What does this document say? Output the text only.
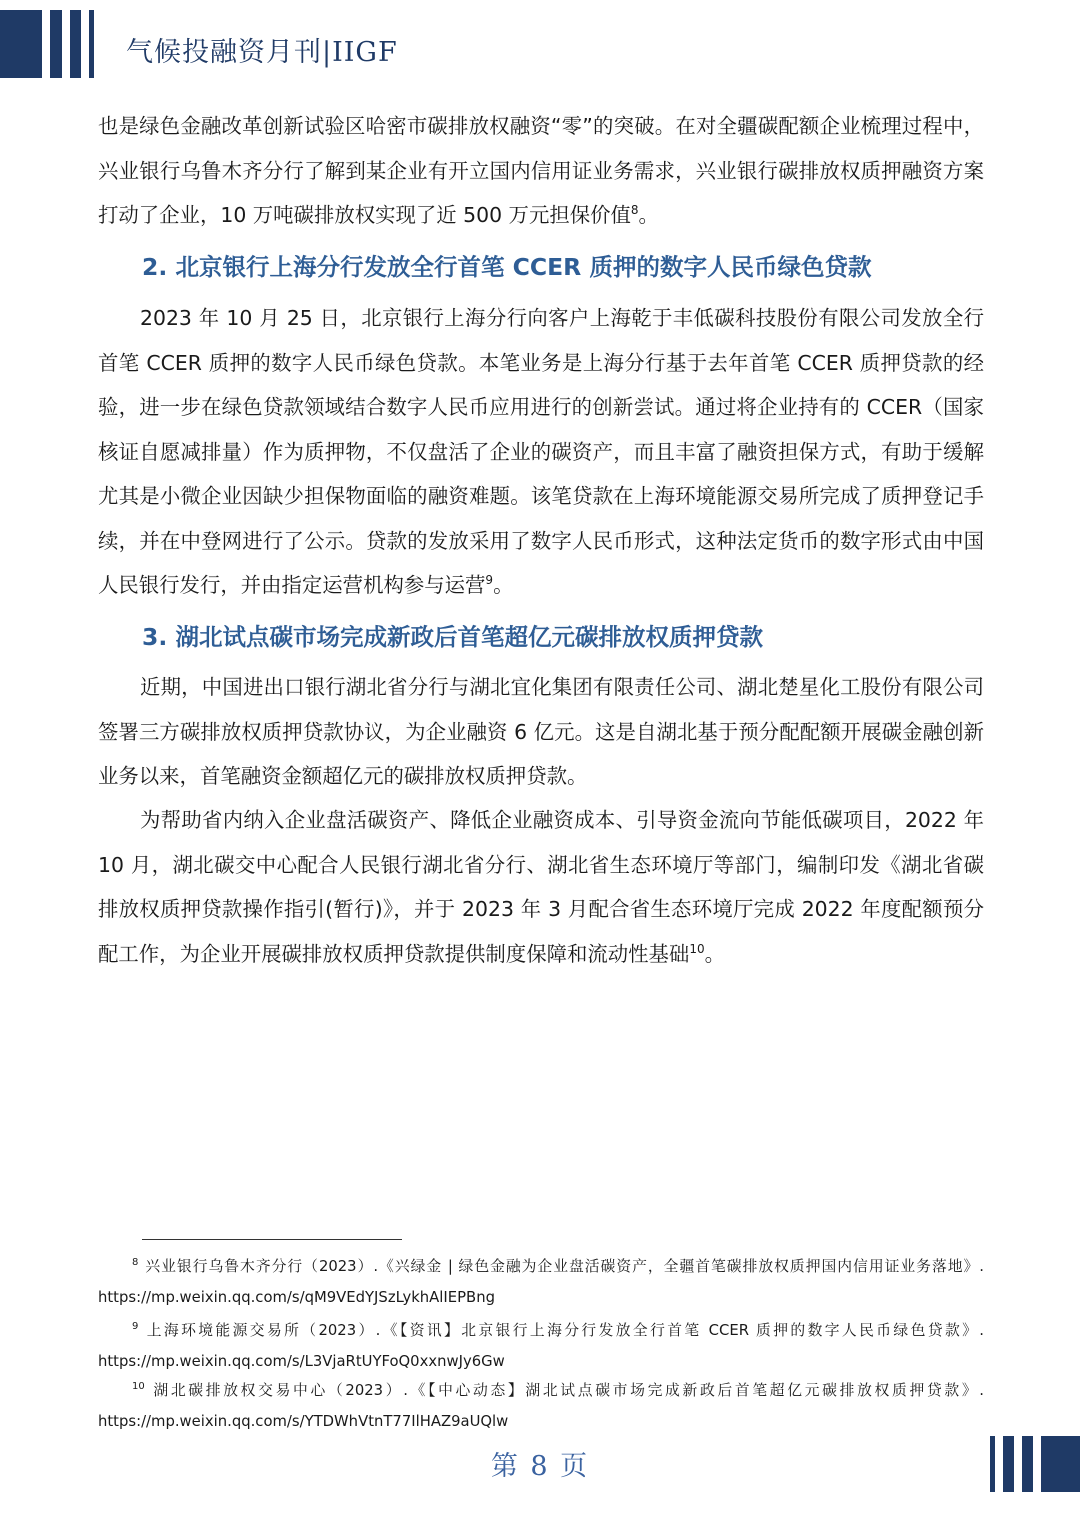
气候投融资月刊|IIGF

也是绿色金融改革创新试验区哈密市碳排放权融资“零”的突破。在对全疆碳配额企业梳理过程中，兴业银行乌鲁木齐分行了解到某企业有开立国内信用证业务需求，兴业银行碳排放权质押融资方案打动了企业，10 万吨碳排放权实现了近 500 万元担保价值$^8$。

2. 北京银行上海分行发放全行首笔 CCER 质押的数字人民币绿色贷款

2023 年 10 月 25 日，北京银行上海分行向客户上海乾于丰低碳科技股份有限公司发放全行首笔 CCER 质押的数字人民币绿色贷款。本笔业务是上海分行基于去年首笔 CCER 质押贷款的经验，进一步在绿色贷款领域结合数字人民币应用进行的创新尝试。通过将企业持有的 CCER（国家核证自愿减排量）作为质押物，不仅盘活了企业的碳资产，而且丰富了融资担保方式，有助于缓解尤其是小微企业因缺少担保物面临的融资难题。该笔贷款在上海环境能源交易所完成了质押登记手续，并在中登网进行了公示。贷款的发放采用了数字人民币形式，这种法定货币的数字形式由中国人民银行发行，并由指定运营机构参与运营$^9$。

3. 湖北试点碳市场完成新政后首笔超亿元碳排放权质押贷款

近期，中国进出口银行湖北省分行与湖北宜化集团有限责任公司、湖北楚星化工股份有限公司签署三方碳排放权质押贷款协议，为企业融资 6 亿元。这是自湖北基于预分配配额开展碳金融创新业务以来，首笔融资金额超亿元的碳排放权质押贷款。

为帮助省内纳入企业盘活碳资产、降低企业融资成本、引导资金流向节能低碳项目，2022 年 10 月，湖北碳交中心配合人民银行湖北省分行、湖北省生态环境厅等部门，编制印发《湖北省碳排放权质押贷款操作指引(暂行)》，并于 2023 年 3 月配合省生态环境厅完成 2022 年度配额预分配工作，为企业开展碳排放权质押贷款提供制度保障和流动性基础$^{10}$。

$^8$ 兴业银行乌鲁木齐分行（2023）.《兴绿金 | 绿色金融为企业盘活碳资产，全疆首笔碳排放权质押国内信用证业务落地》. https://mp.weixin.qq.com/s/qM9VEdYJSzLykhAlIEPBng

$^9$ 上海环境能源交易所（2023）.《【资讯】北京银行上海分行发放全行首笔 CCER 质押的数字人民币绿色贷款》. https://mp.weixin.qq.com/s/L3VjaRtUYFoQ0xxnwJy6Gw

$^{10}$ 湖北碳排放权交易中心（2023）.《【中心动态】湖北试点碳市场完成新政后首笔超亿元碳排放权质押贷款》. https://mp.weixin.qq.com/s/YTDWhVtnT77IlHAZ9aUQlw

第 8 页
